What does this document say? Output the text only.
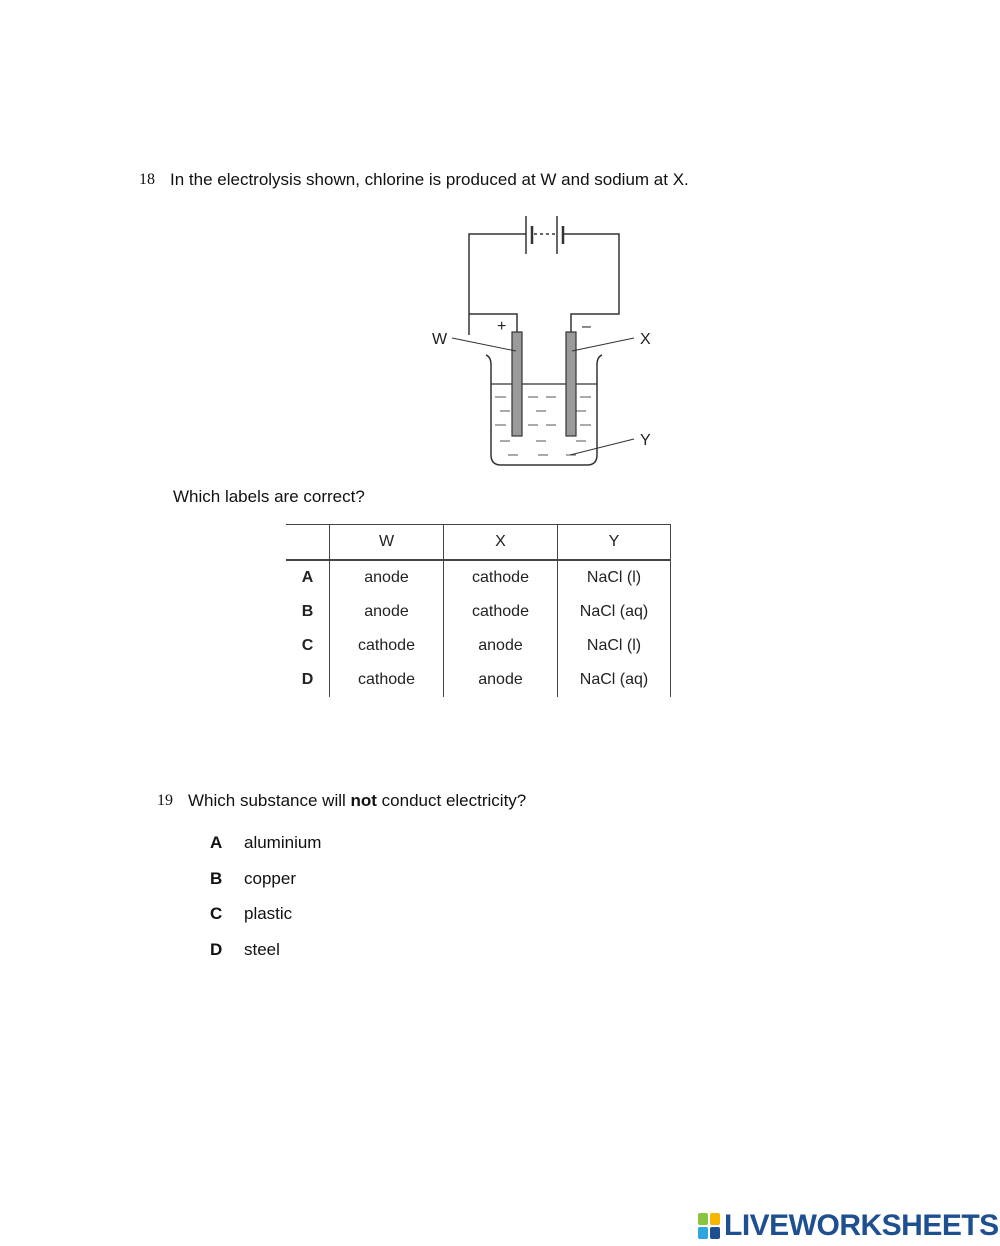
18 In the electrolysis shown, chlorine is produced at W and sodium at X.
+	–
W	X
Y
Which labels are correct?
	W	X	Y
A	anode	cathode	NaCl (l)
B	anode	cathode	NaCl (aq)
C	cathode	anode	NaCl (l)
D	cathode	anode	NaCl (aq)
19 Which substance will not conduct electricity?
A aluminium
B copper
C plastic
D steel
LIVEWORKSHEETS
